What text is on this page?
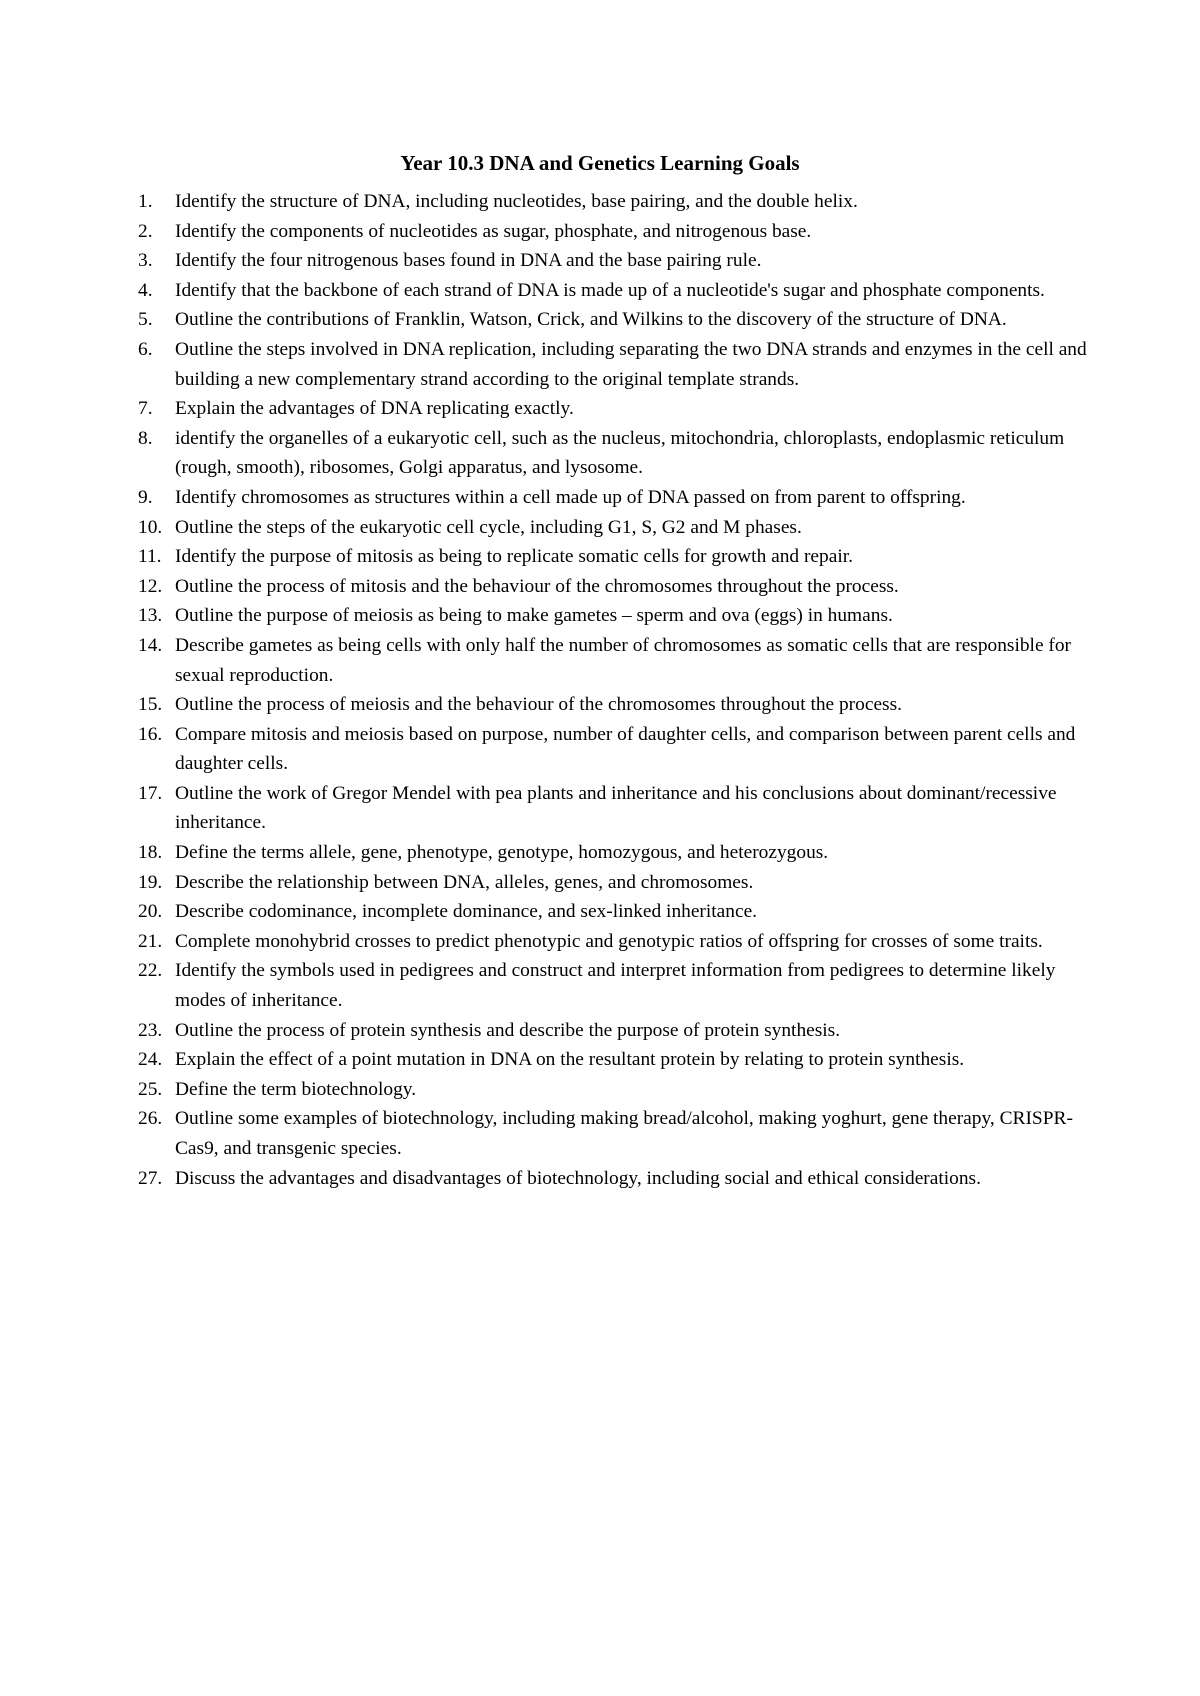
Year 10.3 DNA and Genetics Learning Goals
1. Identify the structure of DNA, including nucleotides, base pairing, and the double helix.
2. Identify the components of nucleotides as sugar, phosphate, and nitrogenous base.
3. Identify the four nitrogenous bases found in DNA and the base pairing rule.
4. Identify that the backbone of each strand of DNA is made up of a nucleotide's sugar and phosphate components.
5. Outline the contributions of Franklin, Watson, Crick, and Wilkins to the discovery of the structure of DNA.
6. Outline the steps involved in DNA replication, including separating the two DNA strands and enzymes in the cell and building a new complementary strand according to the original template strands.
7. Explain the advantages of DNA replicating exactly.
8. identify the organelles of a eukaryotic cell, such as the nucleus, mitochondria, chloroplasts, endoplasmic reticulum (rough, smooth), ribosomes, Golgi apparatus, and lysosome.
9. Identify chromosomes as structures within a cell made up of DNA passed on from parent to offspring.
10. Outline the steps of the eukaryotic cell cycle, including G1, S, G2 and M phases.
11. Identify the purpose of mitosis as being to replicate somatic cells for growth and repair.
12. Outline the process of mitosis and the behaviour of the chromosomes throughout the process.
13. Outline the purpose of meiosis as being to make gametes – sperm and ova (eggs) in humans.
14. Describe gametes as being cells with only half the number of chromosomes as somatic cells that are responsible for sexual reproduction.
15. Outline the process of meiosis and the behaviour of the chromosomes throughout the process.
16. Compare mitosis and meiosis based on purpose, number of daughter cells, and comparison between parent cells and daughter cells.
17. Outline the work of Gregor Mendel with pea plants and inheritance and his conclusions about dominant/recessive inheritance.
18. Define the terms allele, gene, phenotype, genotype, homozygous, and heterozygous.
19. Describe the relationship between DNA, alleles, genes, and chromosomes.
20. Describe codominance, incomplete dominance, and sex-linked inheritance.
21. Complete monohybrid crosses to predict phenotypic and genotypic ratios of offspring for crosses of some traits.
22. Identify the symbols used in pedigrees and construct and interpret information from pedigrees to determine likely modes of inheritance.
23. Outline the process of protein synthesis and describe the purpose of protein synthesis.
24. Explain the effect of a point mutation in DNA on the resultant protein by relating to protein synthesis.
25. Define the term biotechnology.
26. Outline some examples of biotechnology, including making bread/alcohol, making yoghurt, gene therapy, CRISPR-Cas9, and transgenic species.
27. Discuss the advantages and disadvantages of biotechnology, including social and ethical considerations.
